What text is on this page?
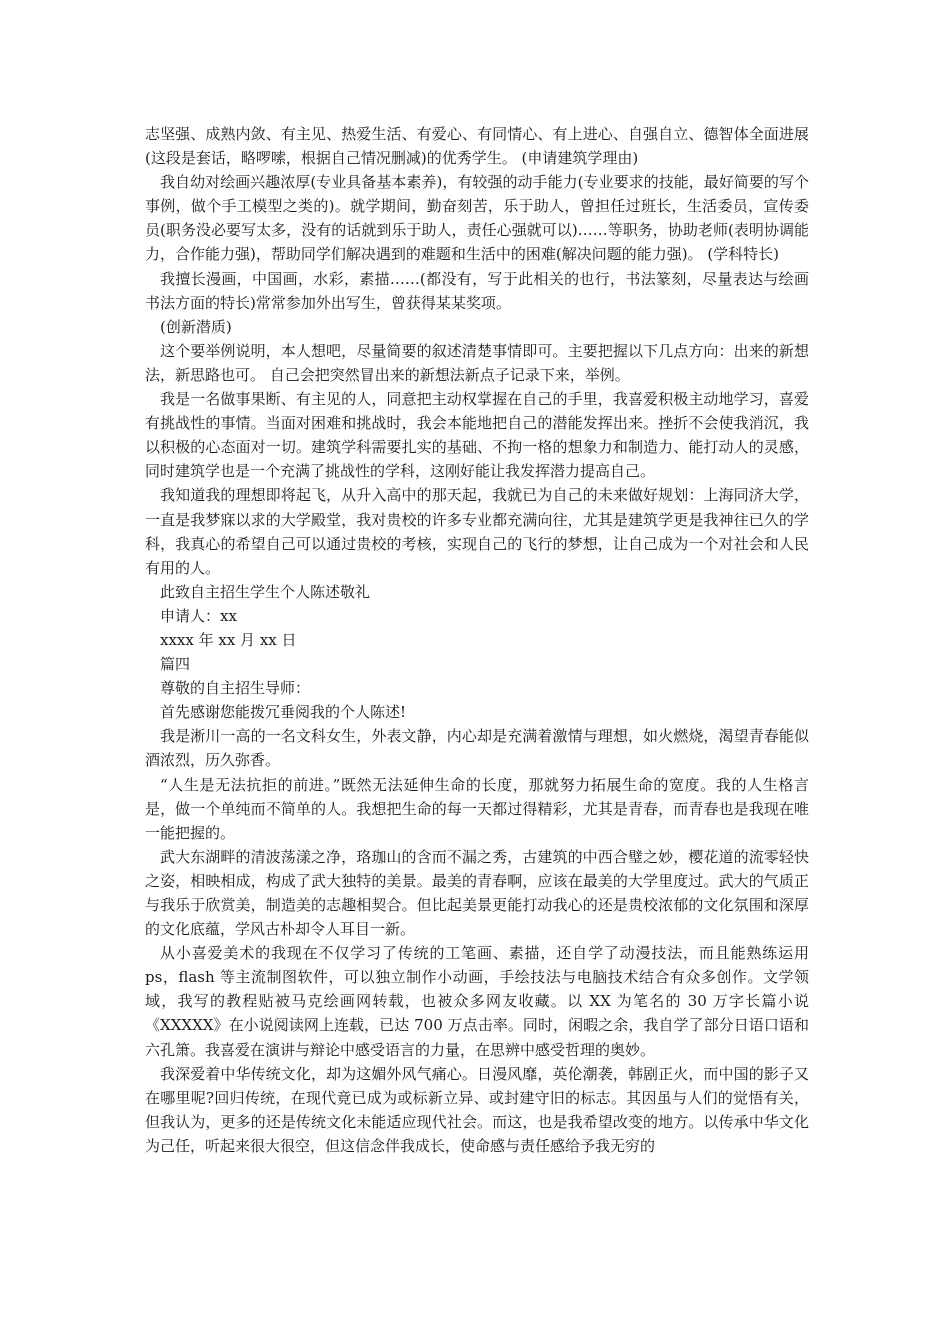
志坚强、成熟内敛、有主见、热爱生活、有爱心、有同情心、有上进心、自强自立、德智体全面进展(这段是套话，略啰嗦，根据自己情况删减)的优秀学生。 (申请建筑学理由)

我自幼对绘画兴趣浓厚(专业具备基本素养)，有较强的动手能力(专业要求的技能，最好简要的写个事例，做个手工模型之类的)。就学期间，勤奋刻苦，乐于助人，曾担任过班长，生活委员，宣传委员(职务没必要写太多，没有的话就到乐于助人，责任心强就可以)……等职务，协助老师(表明协调能力，合作能力强)，帮助同学们解决遇到的难题和生活中的困难(解决问题的能力强)。 (学科特长)

我擅长漫画，中国画，水彩，素描……(都没有，写于此相关的也行，书法篆刻，尽量表达与绘画书法方面的特长)常常参加外出写生，曾获得某某奖项。

(创新潜质)

这个要举例说明，本人想吧，尽量简要的叙述清楚事情即可。主要把握以下几点方向：出来的新想法，新思路也可。 自己会把突然冒出来的新想法新点子记录下来，举例。

我是一名做事果断、有主见的人，同意把主动权掌握在自己的手里，我喜爱积极主动地学习，喜爱有挑战性的事情。当面对困难和挑战时，我会本能地把自己的潜能发挥出来。挫折不会使我消沉，我以积极的心态面对一切。建筑学科需要扎实的基础、不拘一格的想象力和制造力、能打动人的灵感，同时建筑学也是一个充满了挑战性的学科，这刚好能让我发挥潜力提高自己。

我知道我的理想即将起飞，从升入高中的那天起，我就已为自己的未来做好规划：上海同济大学，一直是我梦寐以求的大学殿堂，我对贵校的许多专业都充满向往，尤其是建筑学更是我神往已久的学科，我真心的希望自己可以通过贵校的考核，实现自己的飞行的梦想，让自己成为一个对社会和人民有用的人。

此致自主招生学生个人陈述敬礼

申请人：xx

xxxx 年 xx 月 xx 日

篇四

尊敬的自主招生导师：

首先感谢您能拨冗垂阅我的个人陈述!

我是淅川一高的一名文科女生，外表文静，内心却是充满着激情与理想，如火燃烧，渴望青春能似酒浓烈，历久弥香。

“人生是无法抗拒的前进。”既然无法延伸生命的长度，那就努力拓展生命的宽度。我的人生格言是，做一个单纯而不简单的人。我想把生命的每一天都过得精彩，尤其是青春，而青春也是我现在唯一能把握的。

武大东湖畔的清波荡漾之净，珞珈山的含而不漏之秀，古建筑的中西合璧之妙，樱花道的流零轻快之姿，相映相成，构成了武大独特的美景。最美的青春啊，应该在最美的大学里度过。武大的气质正与我乐于欣赏美，制造美的志趣相契合。但比起美景更能打动我心的还是贵校浓郁的文化氛围和深厚的文化底蕴，学风古朴却令人耳目一新。

从小喜爱美术的我现在不仅学习了传统的工笔画、素描，还自学了动漫技法，而且能熟练运用 ps，flash 等主流制图软件，可以独立制作小动画，手绘技法与电脑技术结合有众多创作。文学领域，我写的教程贴被马克绘画网转载，也被众多网友收藏。以 XX 为笔名的 30 万字长篇小说《XXXXX》在小说阅读网上连载，已达 700 万点击率。同时，闲暇之余，我自学了部分日语口语和六孔箫。我喜爱在演讲与辩论中感受语言的力量，在思辨中感受哲理的奥妙。

我深爱着中华传统文化，却为这媚外风气痛心。日漫风靡，英伦潮袭，韩剧正火，而中国的影子又在哪里呢?回归传统，在现代竟已成为或标新立异、或封建守旧的标志。其因虽与人们的觉悟有关，但我认为，更多的还是传统文化未能适应现代社会。而这，也是我希望改变的地方。以传承中华文化为己任，听起来很大很空，但这信念伴我成长，使命感与责任感给予我无穷的
